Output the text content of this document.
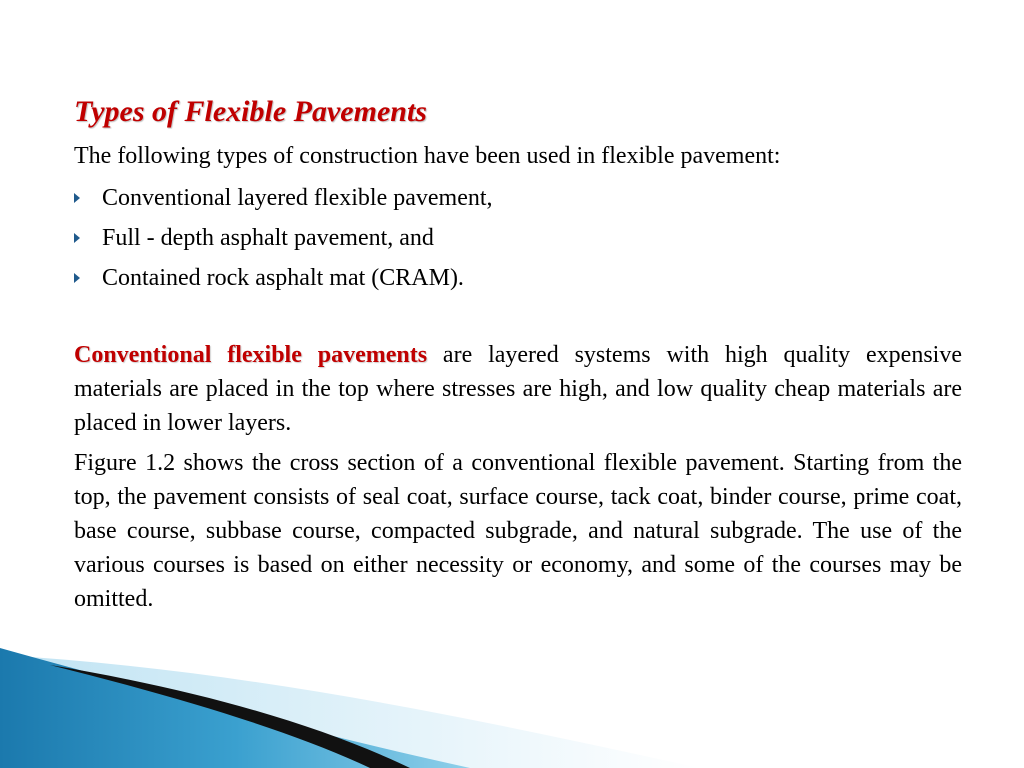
Types of Flexible Pavements

The following types of construction have been used in flexible pavement:

Conventional layered flexible pavement,
Full - depth asphalt pavement, and
Contained rock asphalt mat (CRAM).

Conventional flexible pavements are layered systems with high quality expensive materials are placed in the top where stresses are high, and low quality cheap materials are placed in lower layers.

Figure 1.2 shows the cross section of a conventional flexible pavement. Starting from the top, the pavement consists of seal coat, surface course, tack coat, binder course, prime coat, base course, subbase course, compacted subgrade, and natural subgrade. The use of the various courses is based on either necessity or economy, and some of the courses may be omitted.
